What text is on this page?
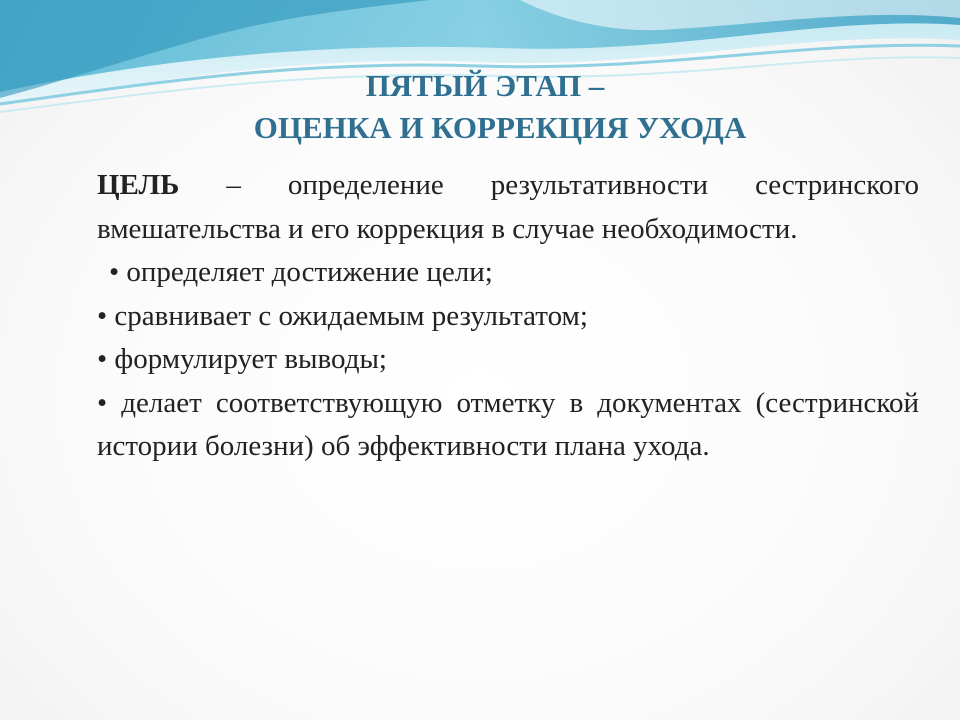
ПЯТЫЙ ЭТАП –
ОЦЕНКА И КОРРЕКЦИЯ УХОДА

ЦЕЛЬ – определение результативности сестринского вмешательства и его коррекция в случае необходимости.

• определяет достижение цели;

• сравнивает с ожидаемым результатом;

• формулирует выводы;

• делает соответствующую отметку в документах (сестринской истории болезни) об эффективности плана ухода.
